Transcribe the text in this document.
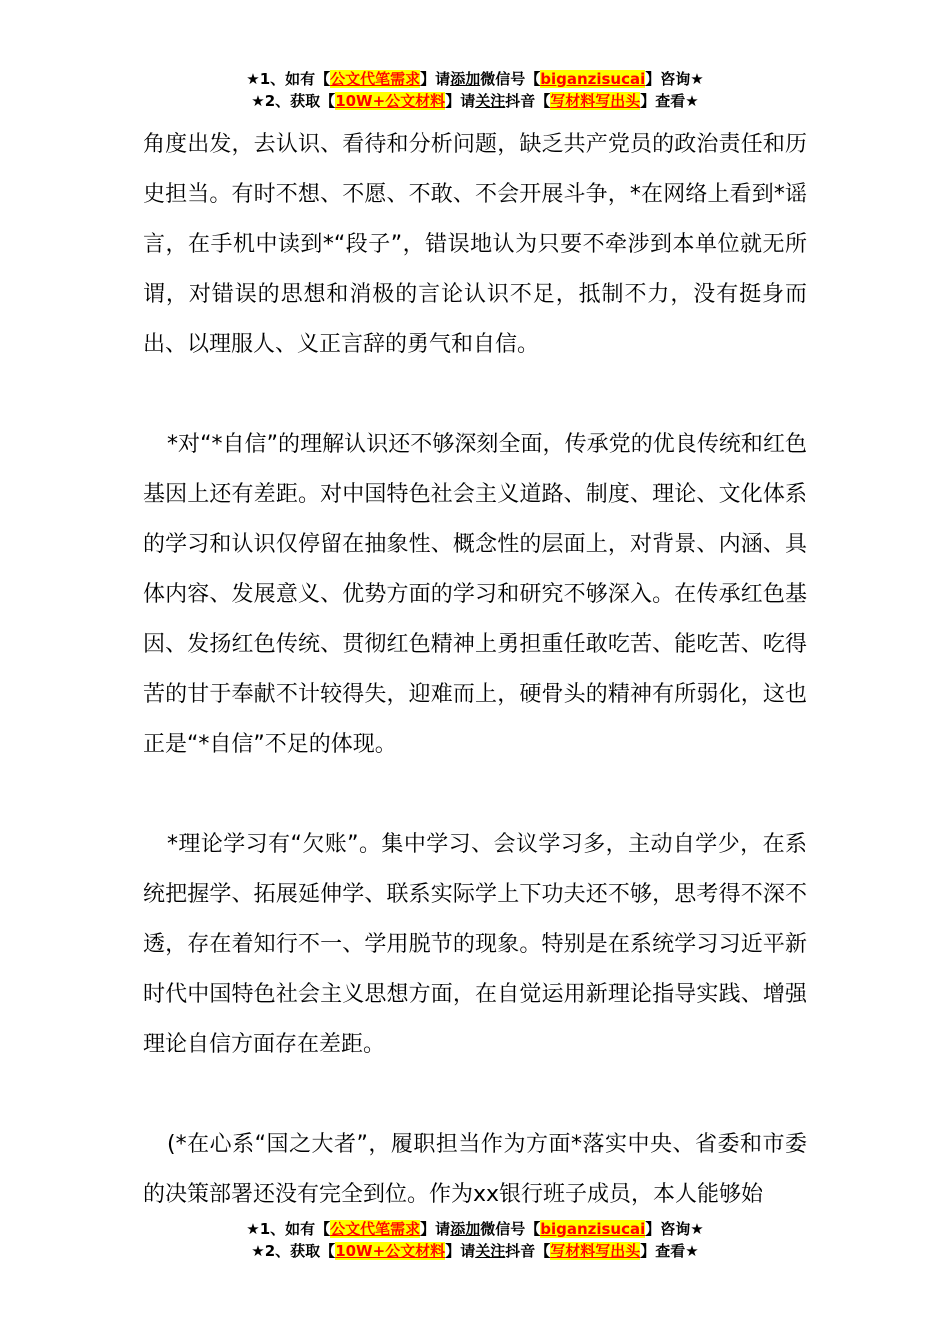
★1、如有【公文代笔需求】请添加微信号【biganzisucai】咨询★
★2、获取【10W+公文材料】请关注抖音【写材料写出头】查看★

角度出发，去认识、看待和分析问题，缺乏共产党员的政治责任和历史担当。有时不想、不愿、不敢、不会开展斗争，*在网络上看到*谣言，在手机中读到*“段子”，错误地认为只要不牵涉到本单位就无所谓，对错误的思想和消极的言论认识不足，抵制不力，没有挺身而出、以理服人、义正言辞的勇气和自信。

*对“*自信”的理解认识还不够深刻全面，传承党的优良传统和红色基因上还有差距。对中国特色社会主义道路、制度、理论、文化体系的学习和认识仅停留在抽象性、概念性的层面上，对背景、内涵、具体内容、发展意义、优势方面的学习和研究不够深入。在传承红色基因、发扬红色传统、贯彻红色精神上勇担重任敢吃苦、能吃苦、吃得苦的甘于奉献不计较得失，迎难而上，硬骨头的精神有所弱化，这也正是“*自信”不足的体现。

*理论学习有“欠账”。集中学习、会议学习多，主动自学少，在系统把握学、拓展延伸学、联系实际学上下功夫还不够，思考得不深不透，存在着知行不一、学用脱节的现象。特别是在系统学习习近平新时代中国特色社会主义思想方面，在自觉运用新理论指导实践、增强理论自信方面存在差距。

(*在心系“国之大者”，履职担当作为方面*落实中央、省委和市委的决策部署还没有完全到位。作为xx银行班子成员，本人能够始

★1、如有【公文代笔需求】请添加微信号【biganzisucai】咨询★
★2、获取【10W+公文材料】请关注抖音【写材料写出头】查看★
